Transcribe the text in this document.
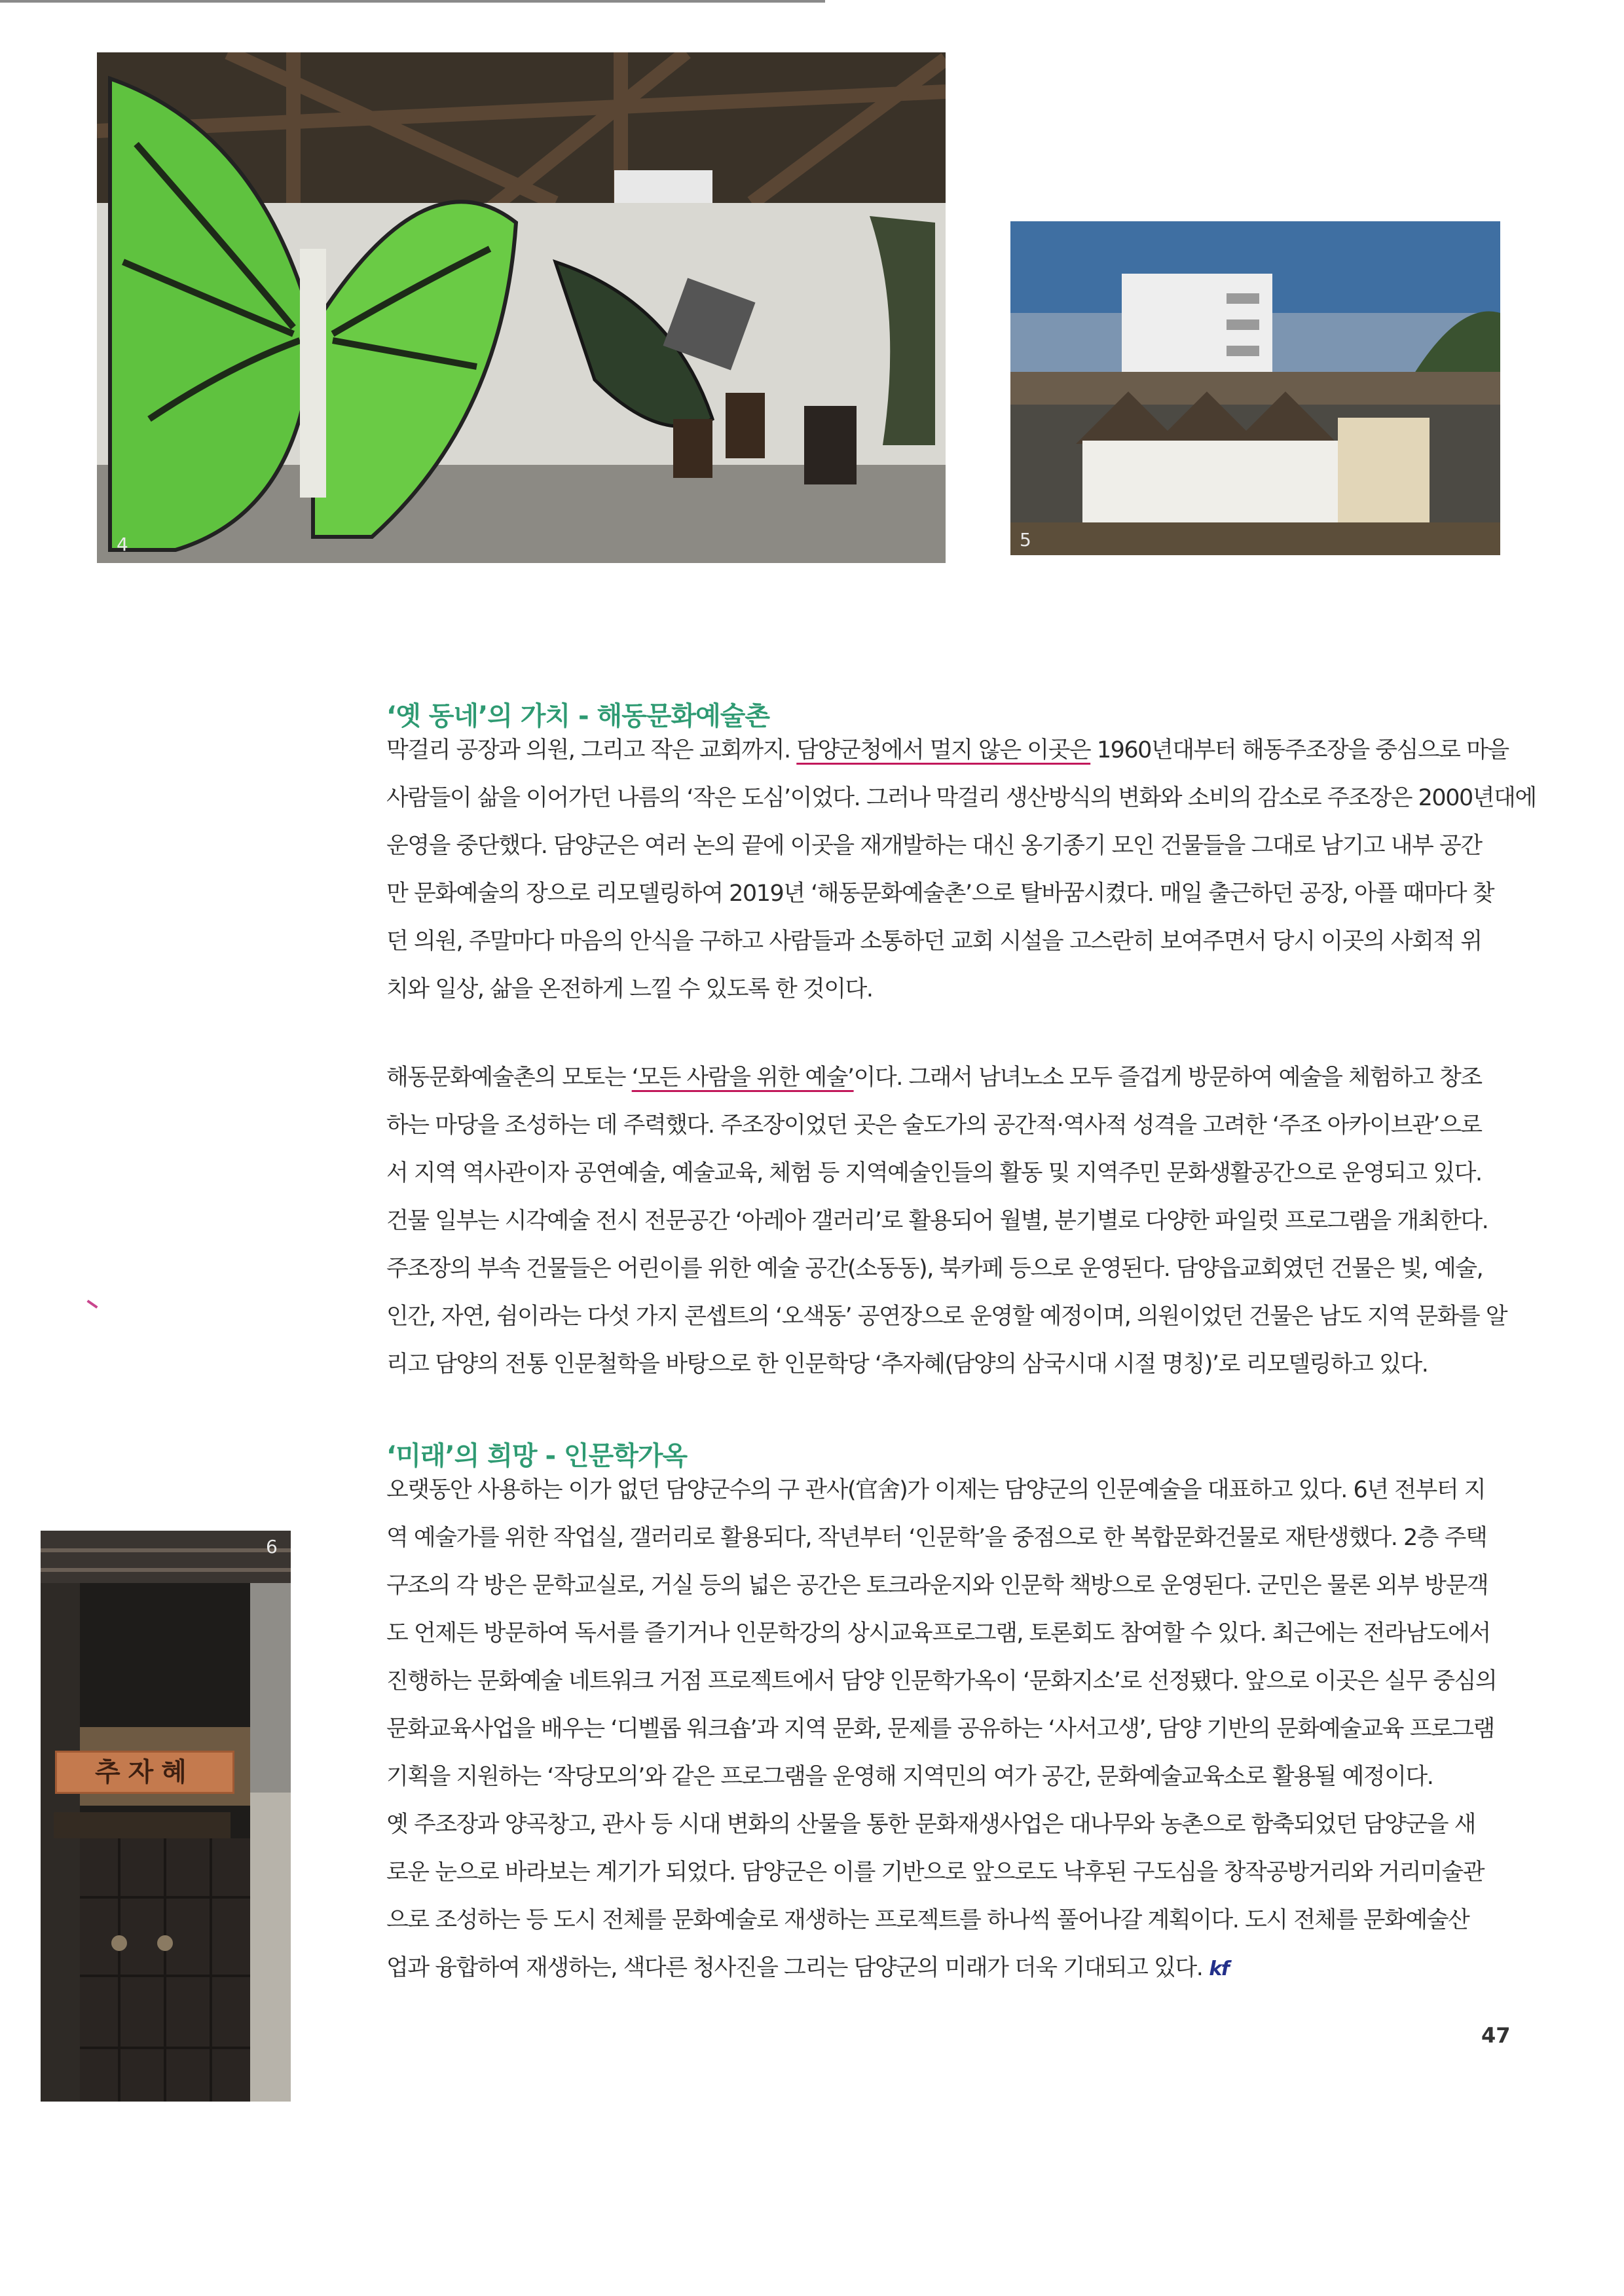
4	5
추자혜
6
‘옛 동네’의 가치 - 해동문화예술촌
막걸리 공장과 의원, 그리고 작은 교회까지. 담양군청에서 멀지 않은 이곳은 1960년대부터 해동주조장을 중심으로 마을
사람들이 삶을 이어가던 나름의 ‘작은 도심’이었다. 그러나 막걸리 생산방식의 변화와 소비의 감소로 주조장은 2000년대에
운영을 중단했다. 담양군은 여러 논의 끝에 이곳을 재개발하는 대신 옹기종기 모인 건물들을 그대로 남기고 내부 공간
만 문화예술의 장으로 리모델링하여 2019년 ‘해동문화예술촌’으로 탈바꿈시켰다. 매일 출근하던 공장, 아플 때마다 찾
던 의원, 주말마다 마음의 안식을 구하고 사람들과 소통하던 교회 시설을 고스란히 보여주면서 당시 이곳의 사회적 위
치와 일상, 삶을 온전하게 느낄 수 있도록 한 것이다.
해동문화예술촌의 모토는 ‘모든 사람을 위한 예술’이다. 그래서 남녀노소 모두 즐겁게 방문하여 예술을 체험하고 창조
하는 마당을 조성하는 데 주력했다. 주조장이었던 곳은 술도가의 공간적·역사적 성격을 고려한 ‘주조 아카이브관’으로
서 지역 역사관이자 공연예술, 예술교육, 체험 등 지역예술인들의 활동 및 지역주민 문화생활공간으로 운영되고 있다.
건물 일부는 시각예술 전시 전문공간 ‘아레아 갤러리’로 활용되어 월별, 분기별로 다양한 파일럿 프로그램을 개최한다.
주조장의 부속 건물들은 어린이를 위한 예술 공간(소동동), 북카페 등으로 운영된다. 담양읍교회였던 건물은 빛, 예술,
인간, 자연, 쉼이라는 다섯 가지 콘셉트의 ‘오색동’ 공연장으로 운영할 예정이며, 의원이었던 건물은 남도 지역 문화를 알
리고 담양의 전통 인문철학을 바탕으로 한 인문학당 ‘추자혜(담양의 삼국시대 시절 명칭)’로 리모델링하고 있다.
‘미래’의 희망 - 인문학가옥
오랫동안 사용하는 이가 없던 담양군수의 구 관사(官舍)가 이제는 담양군의 인문예술을 대표하고 있다. 6년 전부터 지
역 예술가를 위한 작업실, 갤러리로 활용되다, 작년부터 ‘인문학’을 중점으로 한 복합문화건물로 재탄생했다. 2층 주택
구조의 각 방은 문학교실로, 거실 등의 넓은 공간은 토크라운지와 인문학 책방으로 운영된다. 군민은 물론 외부 방문객
도 언제든 방문하여 독서를 즐기거나 인문학강의 상시교육프로그램, 토론회도 참여할 수 있다. 최근에는 전라남도에서
진행하는 문화예술 네트워크 거점 프로젝트에서 담양 인문학가옥이 ‘문화지소’로 선정됐다. 앞으로 이곳은 실무 중심의
문화교육사업을 배우는 ‘디벨롭 워크숍’과 지역 문화, 문제를 공유하는 ‘사서고생’, 담양 기반의 문화예술교육 프로그램
기획을 지원하는 ‘작당모의’와 같은 프로그램을 운영해 지역민의 여가 공간, 문화예술교육소로 활용될 예정이다.
옛 주조장과 양곡창고, 관사 등 시대 변화의 산물을 통한 문화재생사업은 대나무와 농촌으로 함축되었던 담양군을 새
로운 눈으로 바라보는 계기가 되었다. 담양군은 이를 기반으로 앞으로도 낙후된 구도심을 창작공방거리와 거리미술관
으로 조성하는 등 도시 전체를 문화예술로 재생하는 프로젝트를 하나씩 풀어나갈 계획이다. 도시 전체를 문화예술산
업과 융합하여 재생하는, 색다른 청사진을 그리는 담양군의 미래가 더욱 기대되고 있다. kf
47
